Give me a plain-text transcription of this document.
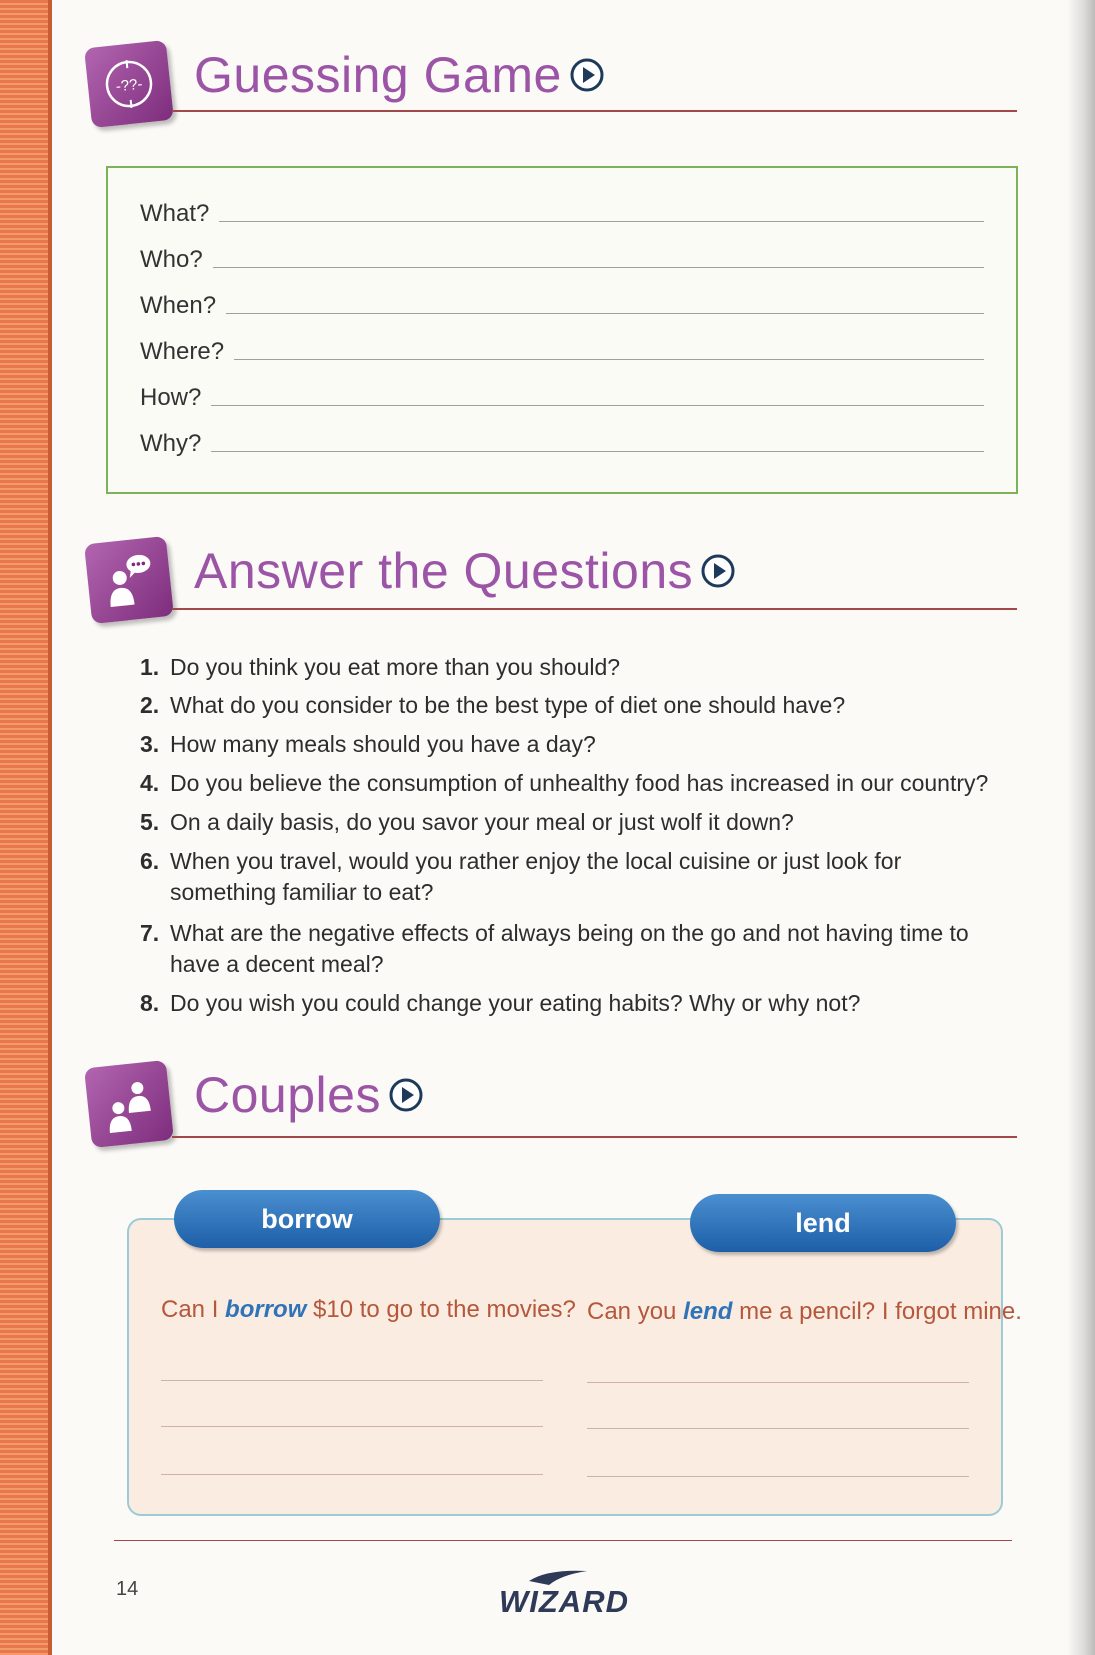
-??- Guessing Game
What?
Who?
When?
Where?
How?
Why?
Answer the Questions
1. Do you think you eat more than you should?
2. What do you consider to be the best type of diet one should have?
3. How many meals should you have a day?
4. Do you believe the consumption of unhealthy food has increased in our country?
5. On a daily basis, do you savor your meal or just wolf it down?
6. When you travel, would you rather enjoy the local cuisine or just look for something familiar to eat?
7. What are the negative effects of always being on the go and not having time to have a decent meal?
8. Do you wish you could change your eating habits? Why or why not?
Couples
borrow	lend
Can I borrow $10 to go to the movies? Can you lend me a pencil? I forgot mine.
14	WIZARD
